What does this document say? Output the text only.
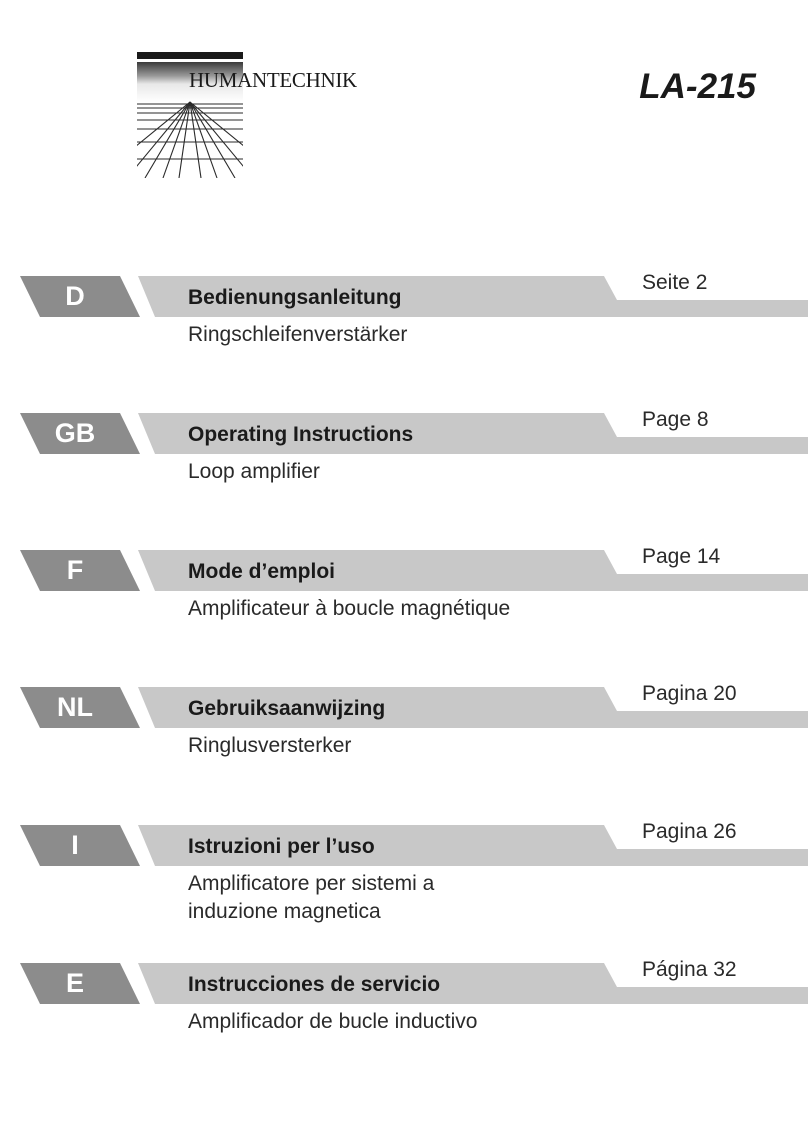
HUMANTECHNIK	LA-215
D	Bedienungsanleitung
Ringschleifenverstärker
Seite 2
GB	Operating Instructions
Loop amplifier
Page 8
F	Mode d’emploi
Amplificateur à boucle magnétique
Page 14
NL	Gebruiksaanwijzing
Ringlusversterker
Pagina 20
I	Istruzioni per l’uso
Amplificatore per sistemi a induzione magnetica
Pagina 26
E	Instrucciones de servicio
Amplificador de bucle inductivo
Página 32
